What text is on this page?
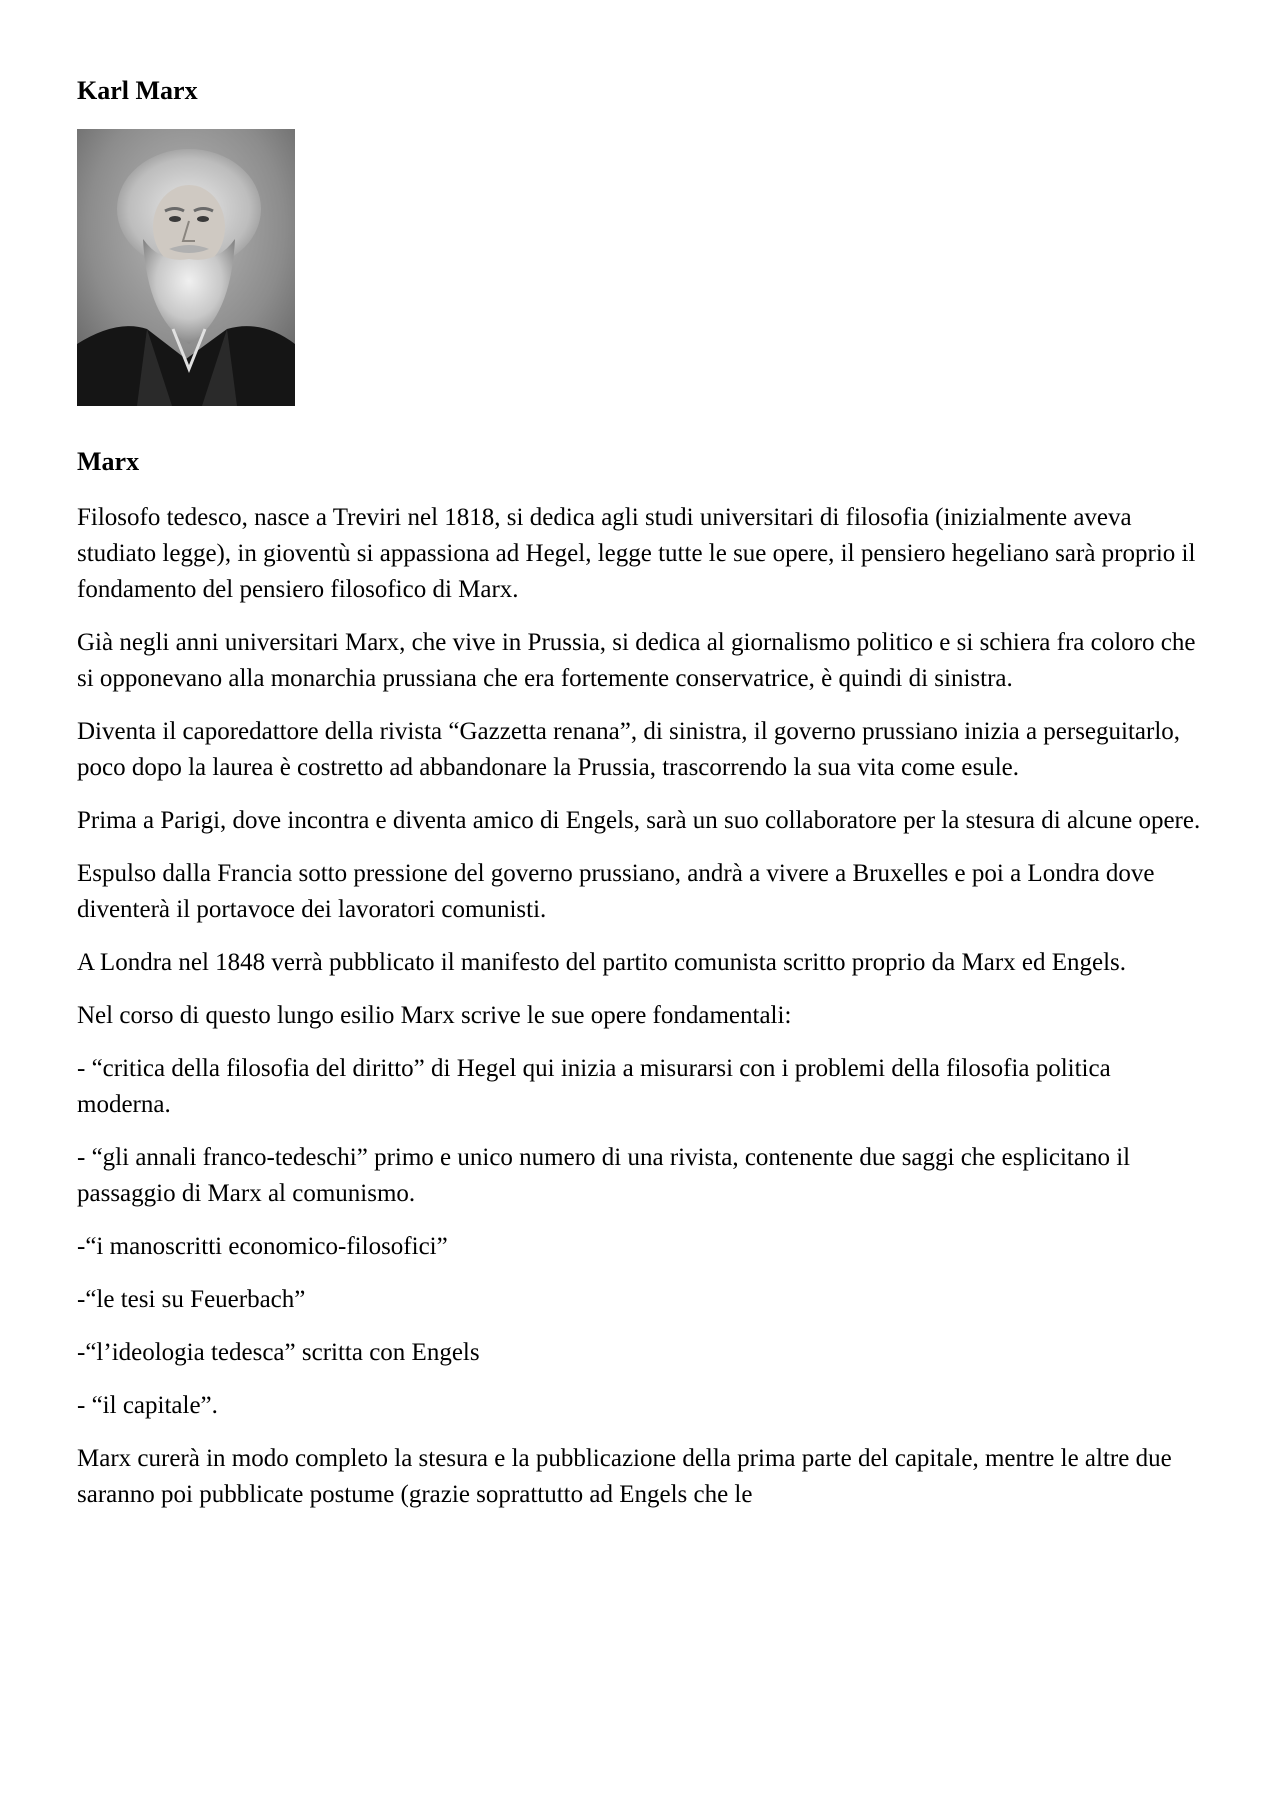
Karl Marx
Marx

Filosofo tedesco, nasce a Treviri nel 1818, si dedica agli studi universitari di filosofia (inizialmente aveva studiato legge), in gioventù si appassiona ad Hegel, legge tutte le sue opere, il pensiero hegeliano sarà proprio il fondamento del pensiero filosofico di Marx.

Già negli anni universitari Marx, che vive in Prussia, si dedica al giornalismo politico e si schiera fra coloro che si opponevano alla monarchia prussiana che era fortemente conservatrice, è quindi di sinistra.

Diventa il caporedattore della rivista “Gazzetta renana”, di sinistra, il governo prussiano inizia a perseguitarlo, poco dopo la laurea è costretto ad abbandonare la Prussia, trascorrendo la sua vita come esule.

Prima a Parigi, dove incontra e diventa amico di Engels, sarà un suo collaboratore per la stesura di alcune opere.

Espulso dalla Francia sotto pressione del governo prussiano, andrà a vivere a Bruxelles e poi a Londra dove diventerà il portavoce dei lavoratori comunisti.

A Londra nel 1848 verrà pubblicato il manifesto del partito comunista scritto proprio da Marx ed Engels.

Nel corso di questo lungo esilio Marx scrive le sue opere fondamentali:

- “critica della filosofia del diritto” di Hegel qui inizia a misurarsi con i problemi della filosofia politica moderna.

- “gli annali franco-tedeschi” primo e unico numero di una rivista, contenente due saggi che esplicitano il passaggio di Marx al comunismo.

-“i manoscritti economico-filosofici”

-“le tesi su Feuerbach”

-“l’ideologia tedesca” scritta con Engels

- “il capitale”.

Marx curerà in modo completo la stesura e la pubblicazione della prima parte del capitale, mentre le altre due saranno poi pubblicate postume (grazie soprattutto ad Engels che le
